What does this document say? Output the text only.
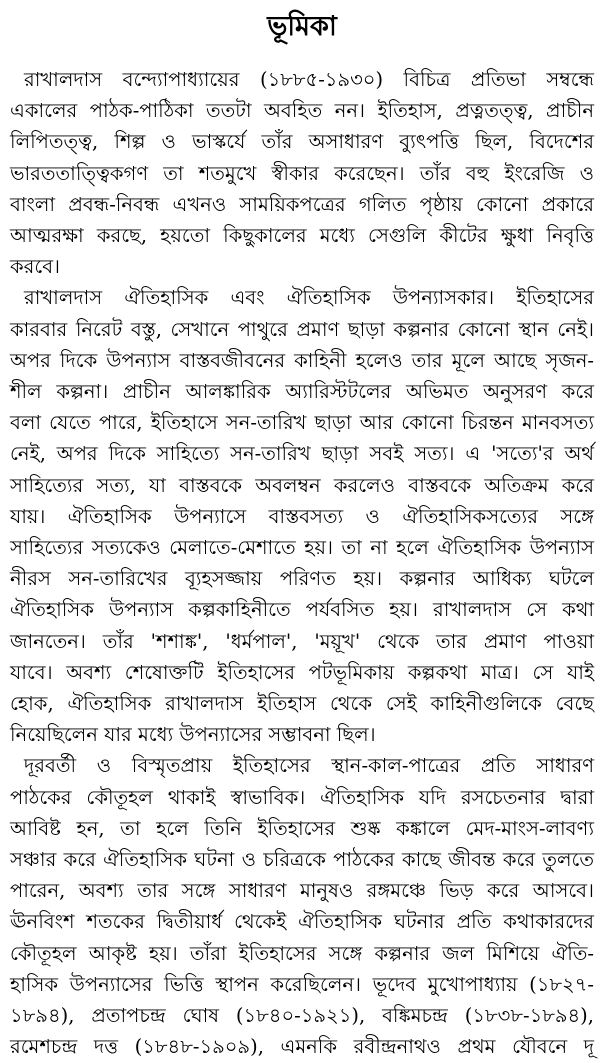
ভূমিকা
রাখালদাস বন্দ্যোপাধ্যায়ের (১৮৮৫-১৯৩০) বিচিত্র প্রতিভা সম্বন্ধে
একালের পাঠক-পাঠিকা ততটা অবহিত নন। ইতিহাস, প্রত্নতত্ত্ব, প্রাচীন
লিপিতত্ত্ব, শিল্প ও ভাস্কর্যে তাঁর অসাধারণ ব্যুৎপত্তি ছিল, বিদেশের
ভারততাত্ত্বিকগণ তা শতমুখে স্বীকার করেছেন। তাঁর বহু ইংরেজি ও
বাংলা প্রবন্ধ-নিবন্ধ এখনও সাময়িকপত্রের গলিত পৃষ্ঠায় কোনো প্রকারে
আত্মরক্ষা করছে, হয়তো কিছুকালের মধ্যে সেগুলি কীটের ক্ষুধা নিবৃত্তি
করবে।
রাখালদাস ঐতিহাসিক এবং ঐতিহাসিক উপন্যাসকার। ইতিহাসের
কারবার নিরেট বস্তু, সেখানে পাথুরে প্রমাণ ছাড়া কল্পনার কোনো স্থান নেই।
অপর দিকে উপন্যাস বাস্তবজীবনের কাহিনী হলেও তার মূলে আছে সৃজন-
শীল কল্পনা। প্রাচীন আলঙ্কারিক অ্যারিস্টটলের অভিমত অনুসরণ করে
বলা যেতে পারে, ইতিহাসে সন-তারিখ ছাড়া আর কোনো চিরন্তন মানবসত্য
নেই, অপর দিকে সাহিত্যে সন-তারিখ ছাড়া সবই সত্য। এ 'সত্যে'র অর্থ
সাহিত্যের সত্য, যা বাস্তবকে অবলম্বন করলেও বাস্তবকে অতিক্রম করে
যায়। ঐতিহাসিক উপন্যাসে বাস্তবসত্য ও ঐতিহাসিকসত্যের সঙ্গে
সাহিত্যের সত্যকেও মেলাতে-মেশাতে হয়। তা না হলে ঐতিহাসিক উপন্যাস
নীরস সন-তারিখের ব্যূহসজ্জায় পরিণত হয়। কল্পনার আধিক্য ঘটলে
ঐতিহাসিক উপন্যাস কল্পকাহিনীতে পর্যবসিত হয়। রাখালদাস সে কথা
জানতেন। তাঁর 'শশাঙ্ক', 'ধর্মপাল', 'ময়ূখ' থেকে তার প্রমাণ পাওয়া
যাবে। অবশ্য শেষোক্তটি ইতিহাসের পটভূমিকায় কল্পকথা মাত্র। সে যাই
হোক, ঐতিহাসিক রাখালদাস ইতিহাস থেকে সেই কাহিনীগুলিকে বেছে
নিয়েছিলেন যার মধ্যে উপন্যাসের সম্ভাবনা ছিল।
দূরবর্তী ও বিস্মৃতপ্রায় ইতিহাসের স্থান-কাল-পাত্রের প্রতি সাধারণ
পাঠকের কৌতূহল থাকাই স্বাভাবিক। ঐতিহাসিক যদি রসচেতনার দ্বারা
আবিষ্ট হন, তা হলে তিনি ইতিহাসের শুষ্ক কঙ্কালে মেদ-মাংস-লাবণ্য
সঞ্চার করে ঐতিহাসিক ঘটনা ও চরিত্রকে পাঠকের কাছে জীবন্ত করে তুলতে
পারেন, অবশ্য তার সঙ্গে সাধারণ মানুষও রঙ্গমঞ্চে ভিড় করে আসবে।
ঊনবিংশ শতকের দ্বিতীয়ার্ধ থেকেই ঐতিহাসিক ঘটনার প্রতি কথাকারদের
কৌতূহল আকৃষ্ট হয়। তাঁরা ইতিহাসের সঙ্গে কল্পনার জল মিশিয়ে ঐতি-
হাসিক উপন্যাসের ভিত্তি স্থাপন করেছিলেন। ভূদেব মুখোপাধ্যায় (১৮২৭-
১৮৯৪), প্রতাপচন্দ্র ঘোষ (১৮৪০-১৯২১), বঙ্কিমচন্দ্র (১৮৩৮-১৮৯৪),
রমেশচন্দ্র দত্ত (১৮৪৮-১৯০৯), এমনকি রবীন্দ্রনাথও প্রথম যৌবনে দূ
